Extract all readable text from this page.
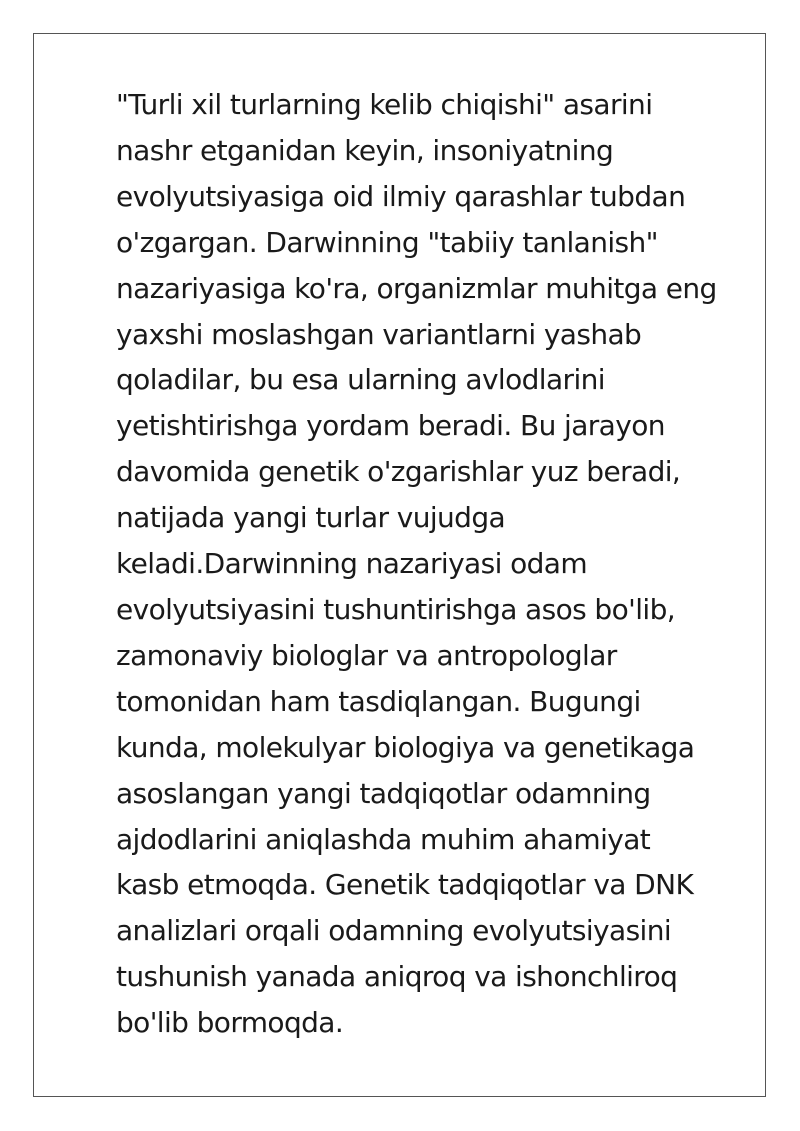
"Turli xil turlarning kelib chiqishi" asarini
nashr etganidan keyin, insoniyatning
evolyutsiyasiga oid ilmiy qarashlar tubdan
o'zgargan. Darwinning "tabiiy tanlanish"
nazariyasiga ko'ra, organizmlar muhitga eng
yaxshi moslashgan variantlarni yashab
qoladilar, bu esa ularning avlodlarini
yetishtirishga yordam beradi. Bu jarayon
davomida genetik o'zgarishlar yuz beradi,
natijada yangi turlar vujudga
keladi.Darwinning nazariyasi odam
evolyutsiyasini tushuntirishga asos bo'lib,
zamonaviy biologlar va antropologlar
tomonidan ham tasdiqlangan. Bugungi
kunda, molekulyar biologiya va genetikaga
asoslangan yangi tadqiqotlar odamning
ajdodlarini aniqlashda muhim ahamiyat
kasb etmoqda. Genetik tadqiqotlar va DNK
analizlari orqali odamning evolyutsiyasini
tushunish yanada aniqroq va ishonchliroq
bo'lib bormoqda.
